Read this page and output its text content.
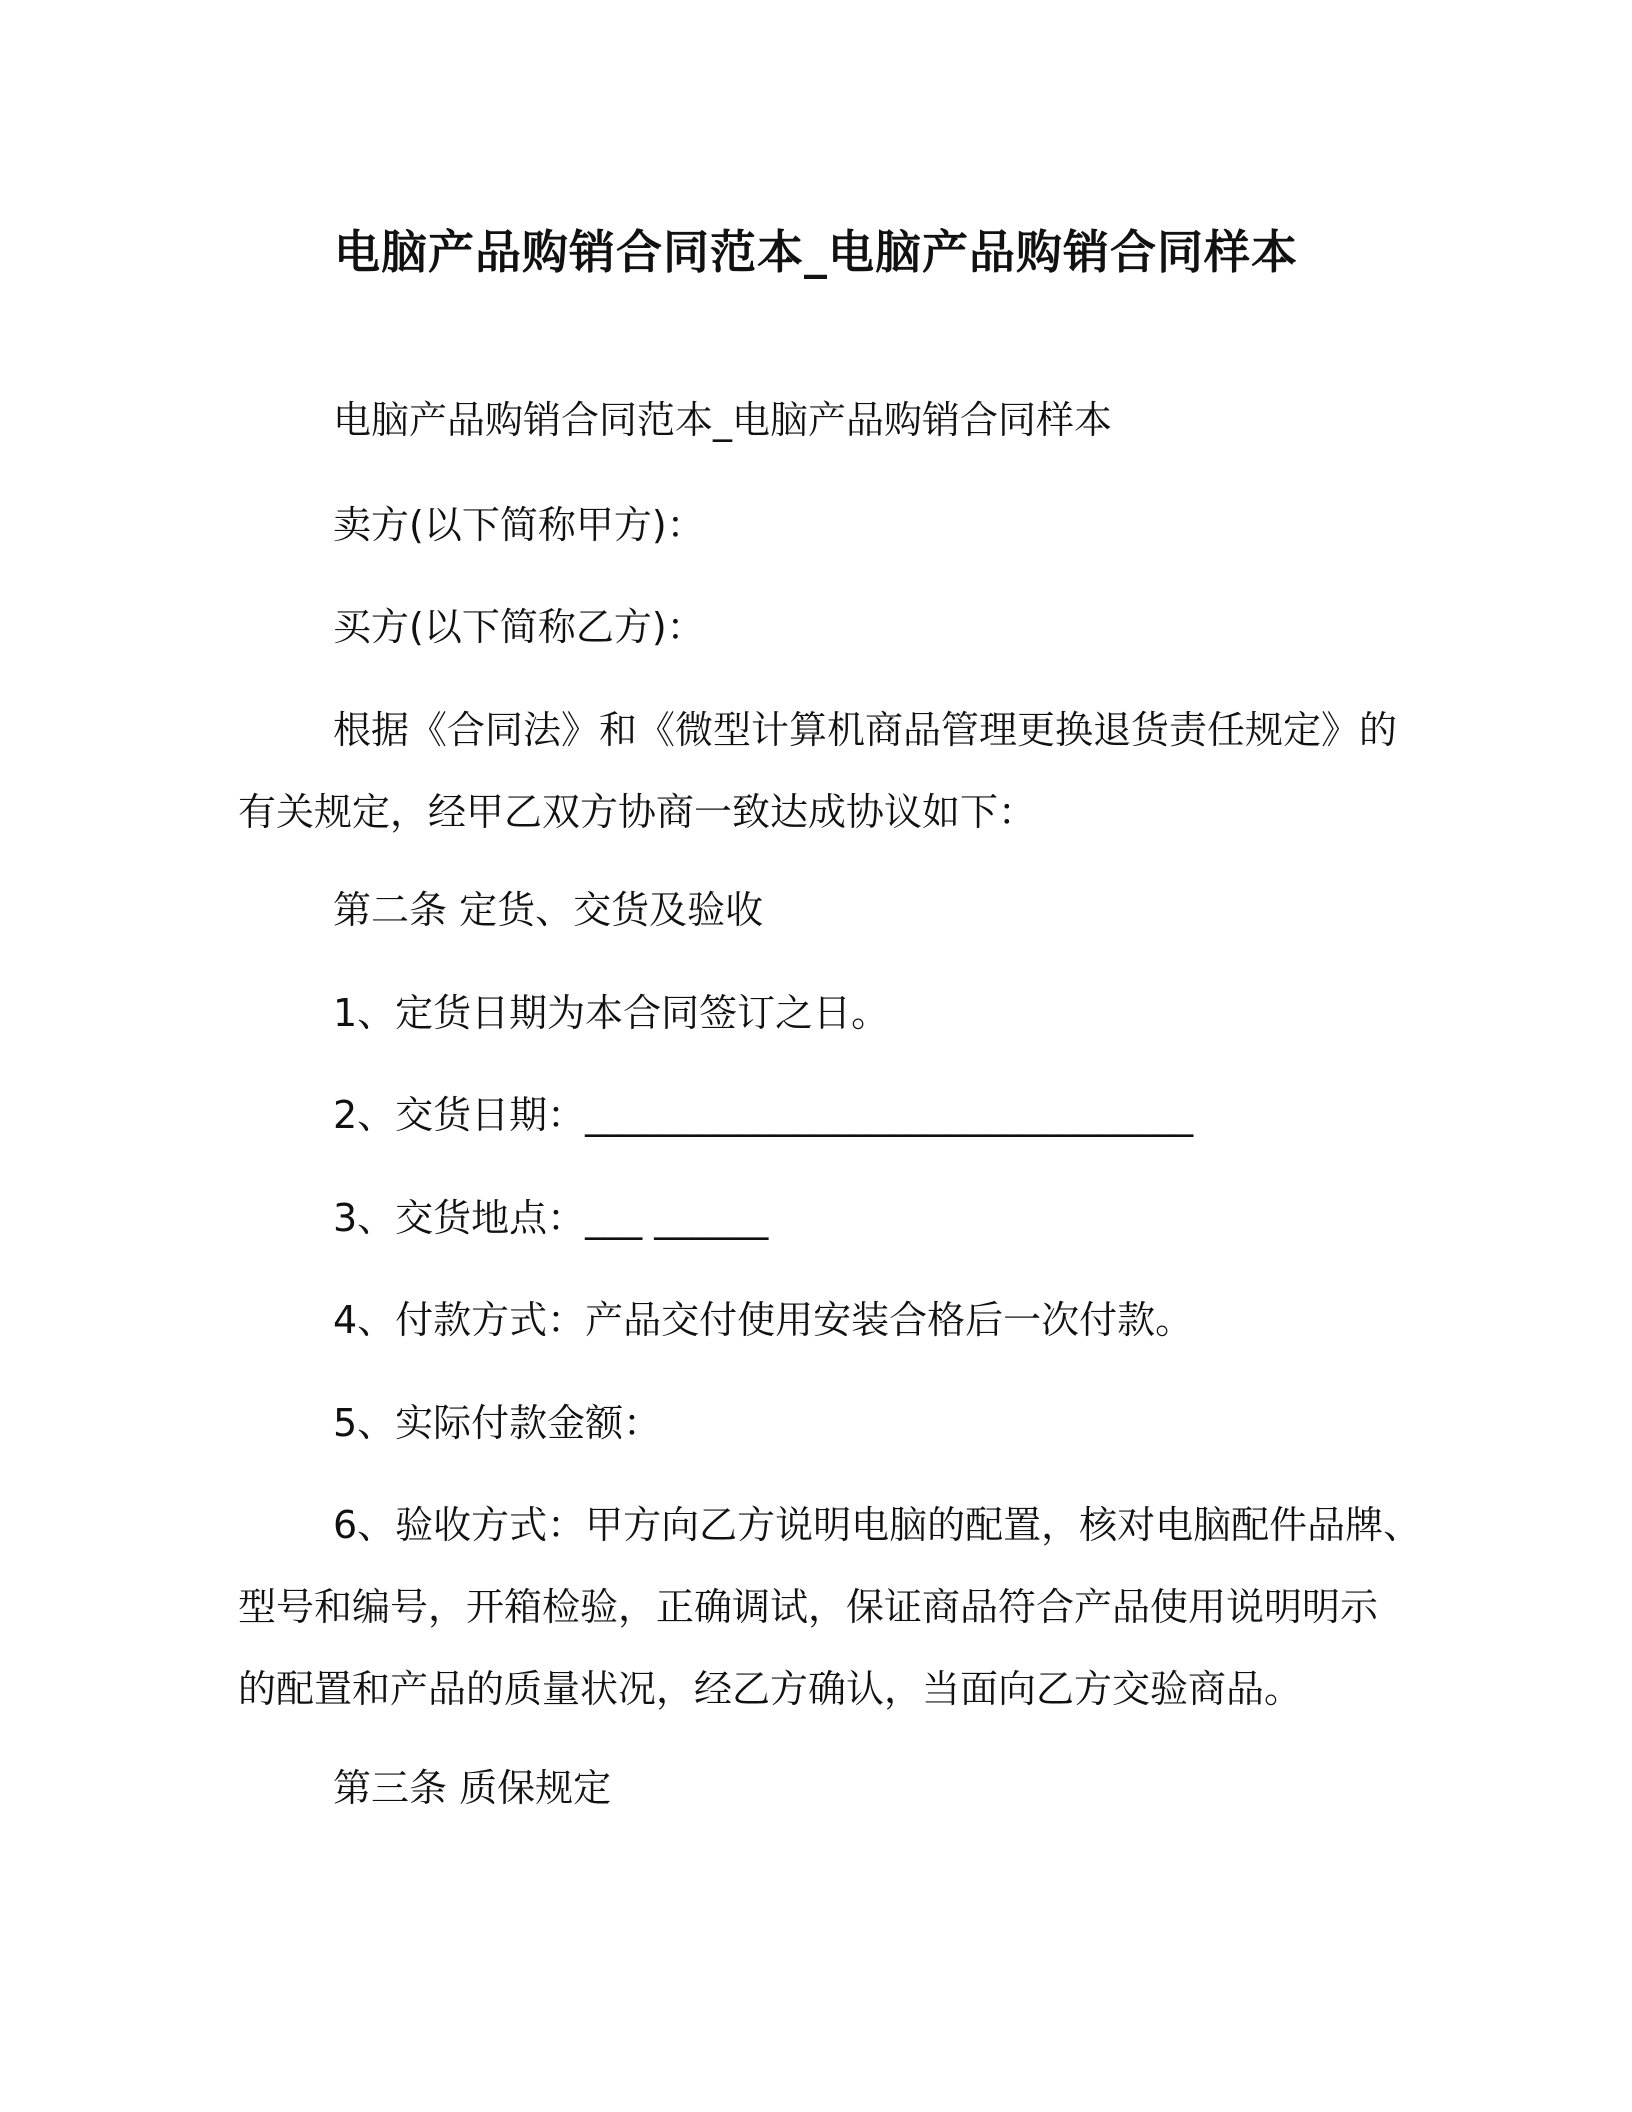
电脑产品购销合同范本_电脑产品购销合同样本
电脑产品购销合同范本_电脑产品购销合同样本
卖方(以下简称甲方)：
买方(以下简称乙方)：
根据《合同法》和《微型计算机商品管理更换退货责任规定》的
有关规定，经甲乙双方协商一致达成协议如下：
第二条 定货、交货及验收
1、定货日期为本合同签订之日。
2、交货日期：________________________________
3、交货地点：___ ______
4、付款方式：产品交付使用安装合格后一次付款。
5、实际付款金额：
6、验收方式：甲方向乙方说明电脑的配置，核对电脑配件品牌、
型号和编号，开箱检验，正确调试，保证商品符合产品使用说明明示
的配置和产品的质量状况，经乙方确认，当面向乙方交验商品。
第三条 质保规定
